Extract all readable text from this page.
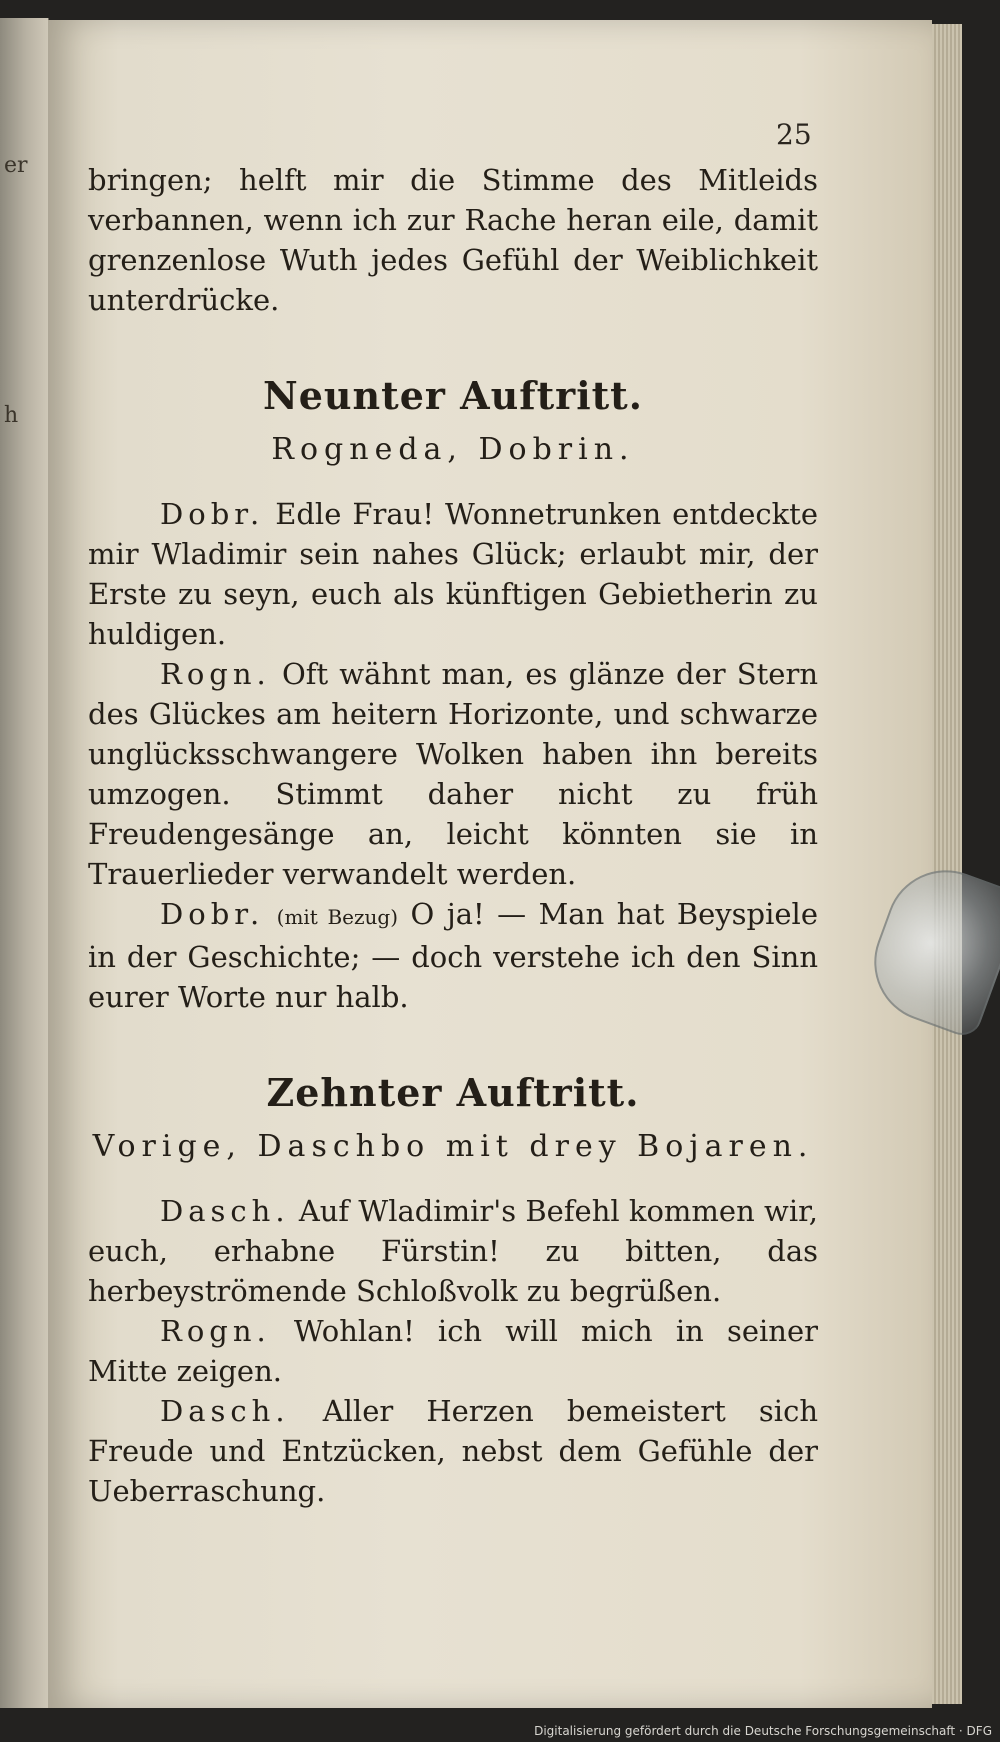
er
h
25

bringen; helft mir die Stimme des Mitleids verbannen, wenn ich zur Rache heran eile, damit grenzenlose Wuth jedes Gefühl der Weiblichkeit unterdrücke.

Neunter Auftritt.
Rogneda, Dobrin.

Dobr. Edle Frau! Wonnetrunken entdeckte mir Wladimir sein nahes Glück; erlaubt mir, der Erste zu seyn, euch als künftigen Gebietherin zu huldigen.

Rogn. Oft wähnt man, es glänze der Stern des Glückes am heitern Horizonte, und schwarze unglücksschwangere Wolken haben ihn bereits umzogen. Stimmt daher nicht zu früh Freudengesänge an, leicht könnten sie in Trauerlieder verwandelt werden.

Dobr. (mit Bezug) O ja! — Man hat Beyspiele in der Geschichte; — doch verstehe ich den Sinn eurer Worte nur halb.

Zehnter Auftritt.
Vorige, Daschbo mit drey Bojaren.

Dasch. Auf Wladimir's Befehl kommen wir, euch, erhabne Fürstin! zu bitten, das herbeyströmende Schloßvolk zu begrüßen.

Rogn. Wohlan! ich will mich in seiner Mitte zeigen.

Dasch. Aller Herzen bemeistert sich Freude und Entzücken, nebst dem Gefühle der Ueberraschung.

Digitalisierung gefördert durch die Deutsche Forschungsgemeinschaft · DFG
